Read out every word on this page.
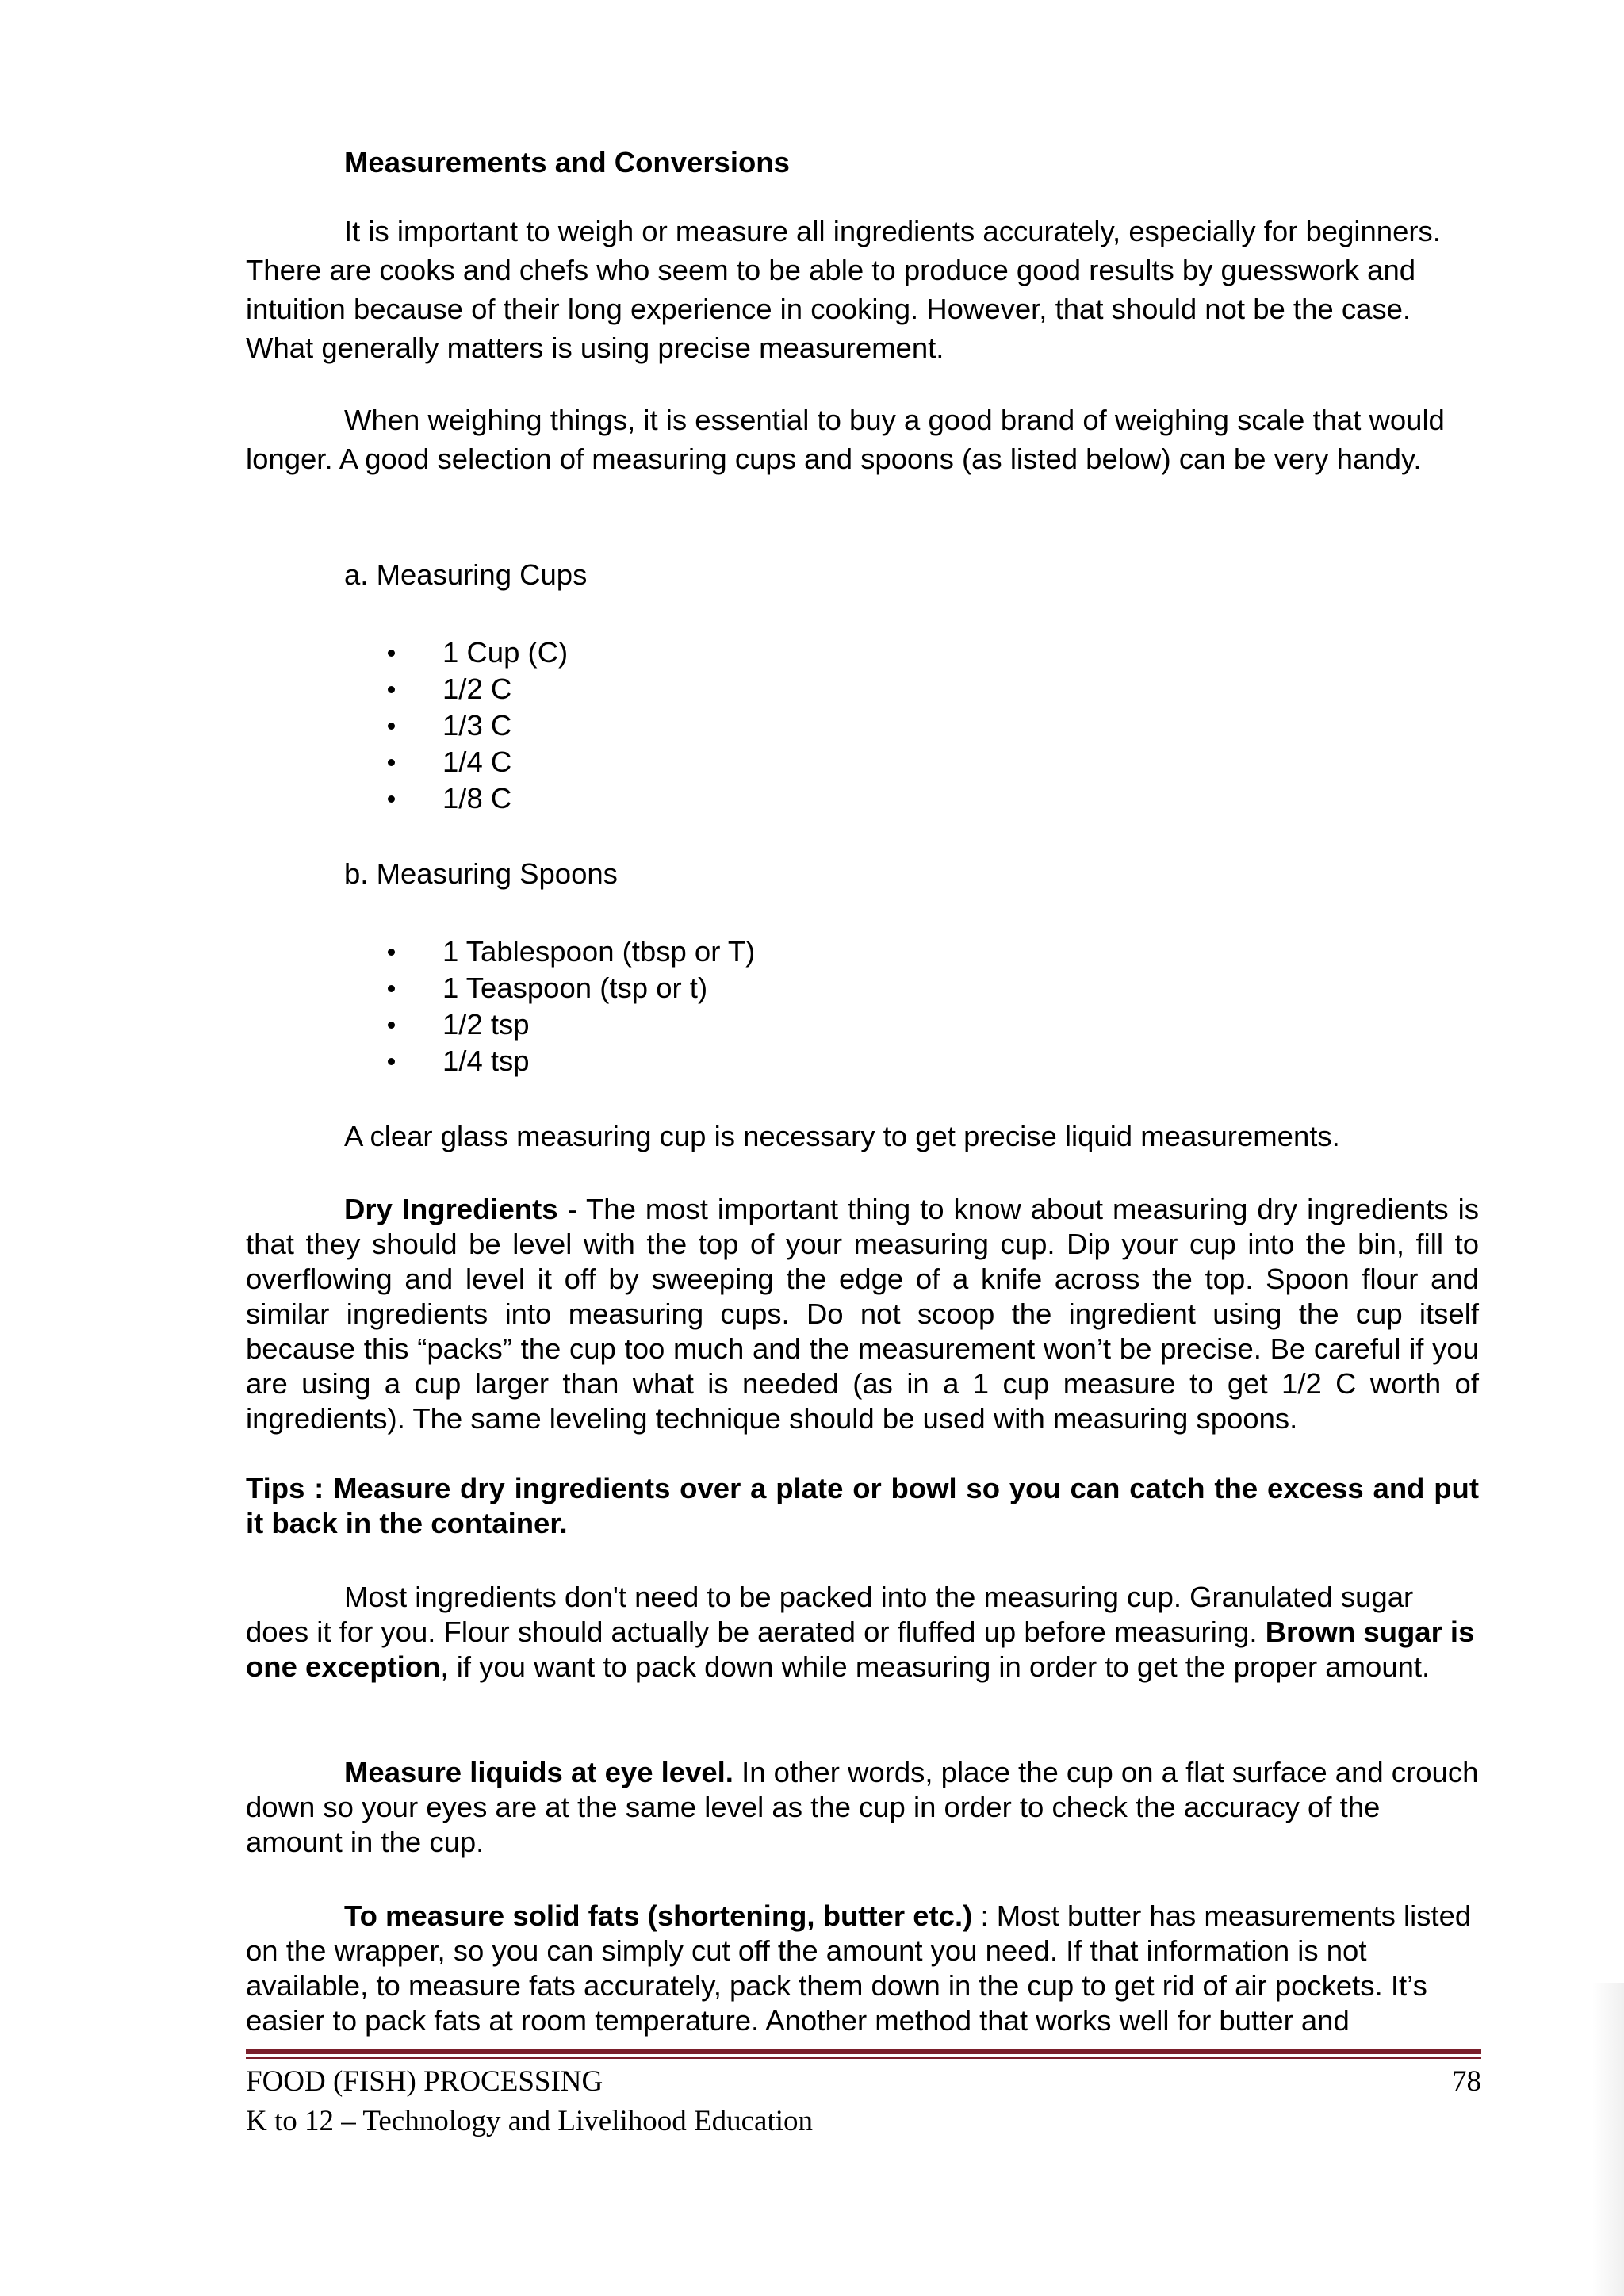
Measurements and Conversions

It is important to weigh or measure all ingredients accurately, especially for beginners. There are cooks and chefs who seem to be able to produce good results by guesswork and intuition because of their long experience in cooking. However, that should not be the case. What generally matters is using precise measurement.

When weighing things, it is essential to buy a good brand of weighing scale that would longer. A good selection of measuring cups and spoons (as listed below) can be very handy.

a. Measuring Cups

1 Cup (C)
1/2 C
1/3 C
1/4 C
1/8 C

b. Measuring Spoons

1 Tablespoon (tbsp or T)
1 Teaspoon (tsp or t)
1/2 tsp
1/4 tsp

A clear glass measuring cup is necessary to get precise liquid measurements.

Dry Ingredients - The most important thing to know about measuring dry ingredients is that they should be level with the top of your measuring cup. Dip your cup into the bin, fill to overflowing and level it off by sweeping the edge of a knife across the top. Spoon flour and similar ingredients into measuring cups. Do not scoop the ingredient using the cup itself because this “packs” the cup too much and the measurement won’t be precise. Be careful if you are using a cup larger than what is needed (as in a 1 cup measure to get 1/2 C worth of ingredients). The same leveling technique should be used with measuring spoons.

Tips : Measure dry ingredients over a plate or bowl so you can catch the excess and put it back in the container.

Most ingredients don't need to be packed into the measuring cup. Granulated sugar does it for you. Flour should actually be aerated or fluffed up before measuring. Brown sugar is one exception, if you want to pack down while measuring in order to get the proper amount.

Measure liquids at eye level. In other words, place the cup on a flat surface and crouch down so your eyes are at the same level as the cup in order to check the accuracy of the amount in the cup.

To measure solid fats (shortening, butter etc.) : Most butter has measurements listed on the wrapper, so you can simply cut off the amount you need. If that information is not available, to measure fats accurately, pack them down in the cup to get rid of air pockets. It’s easier to pack fats at room temperature. Another method that works well for butter and

FOOD (FISH) PROCESSING	78
K to 12 – Technology and Livelihood Education
